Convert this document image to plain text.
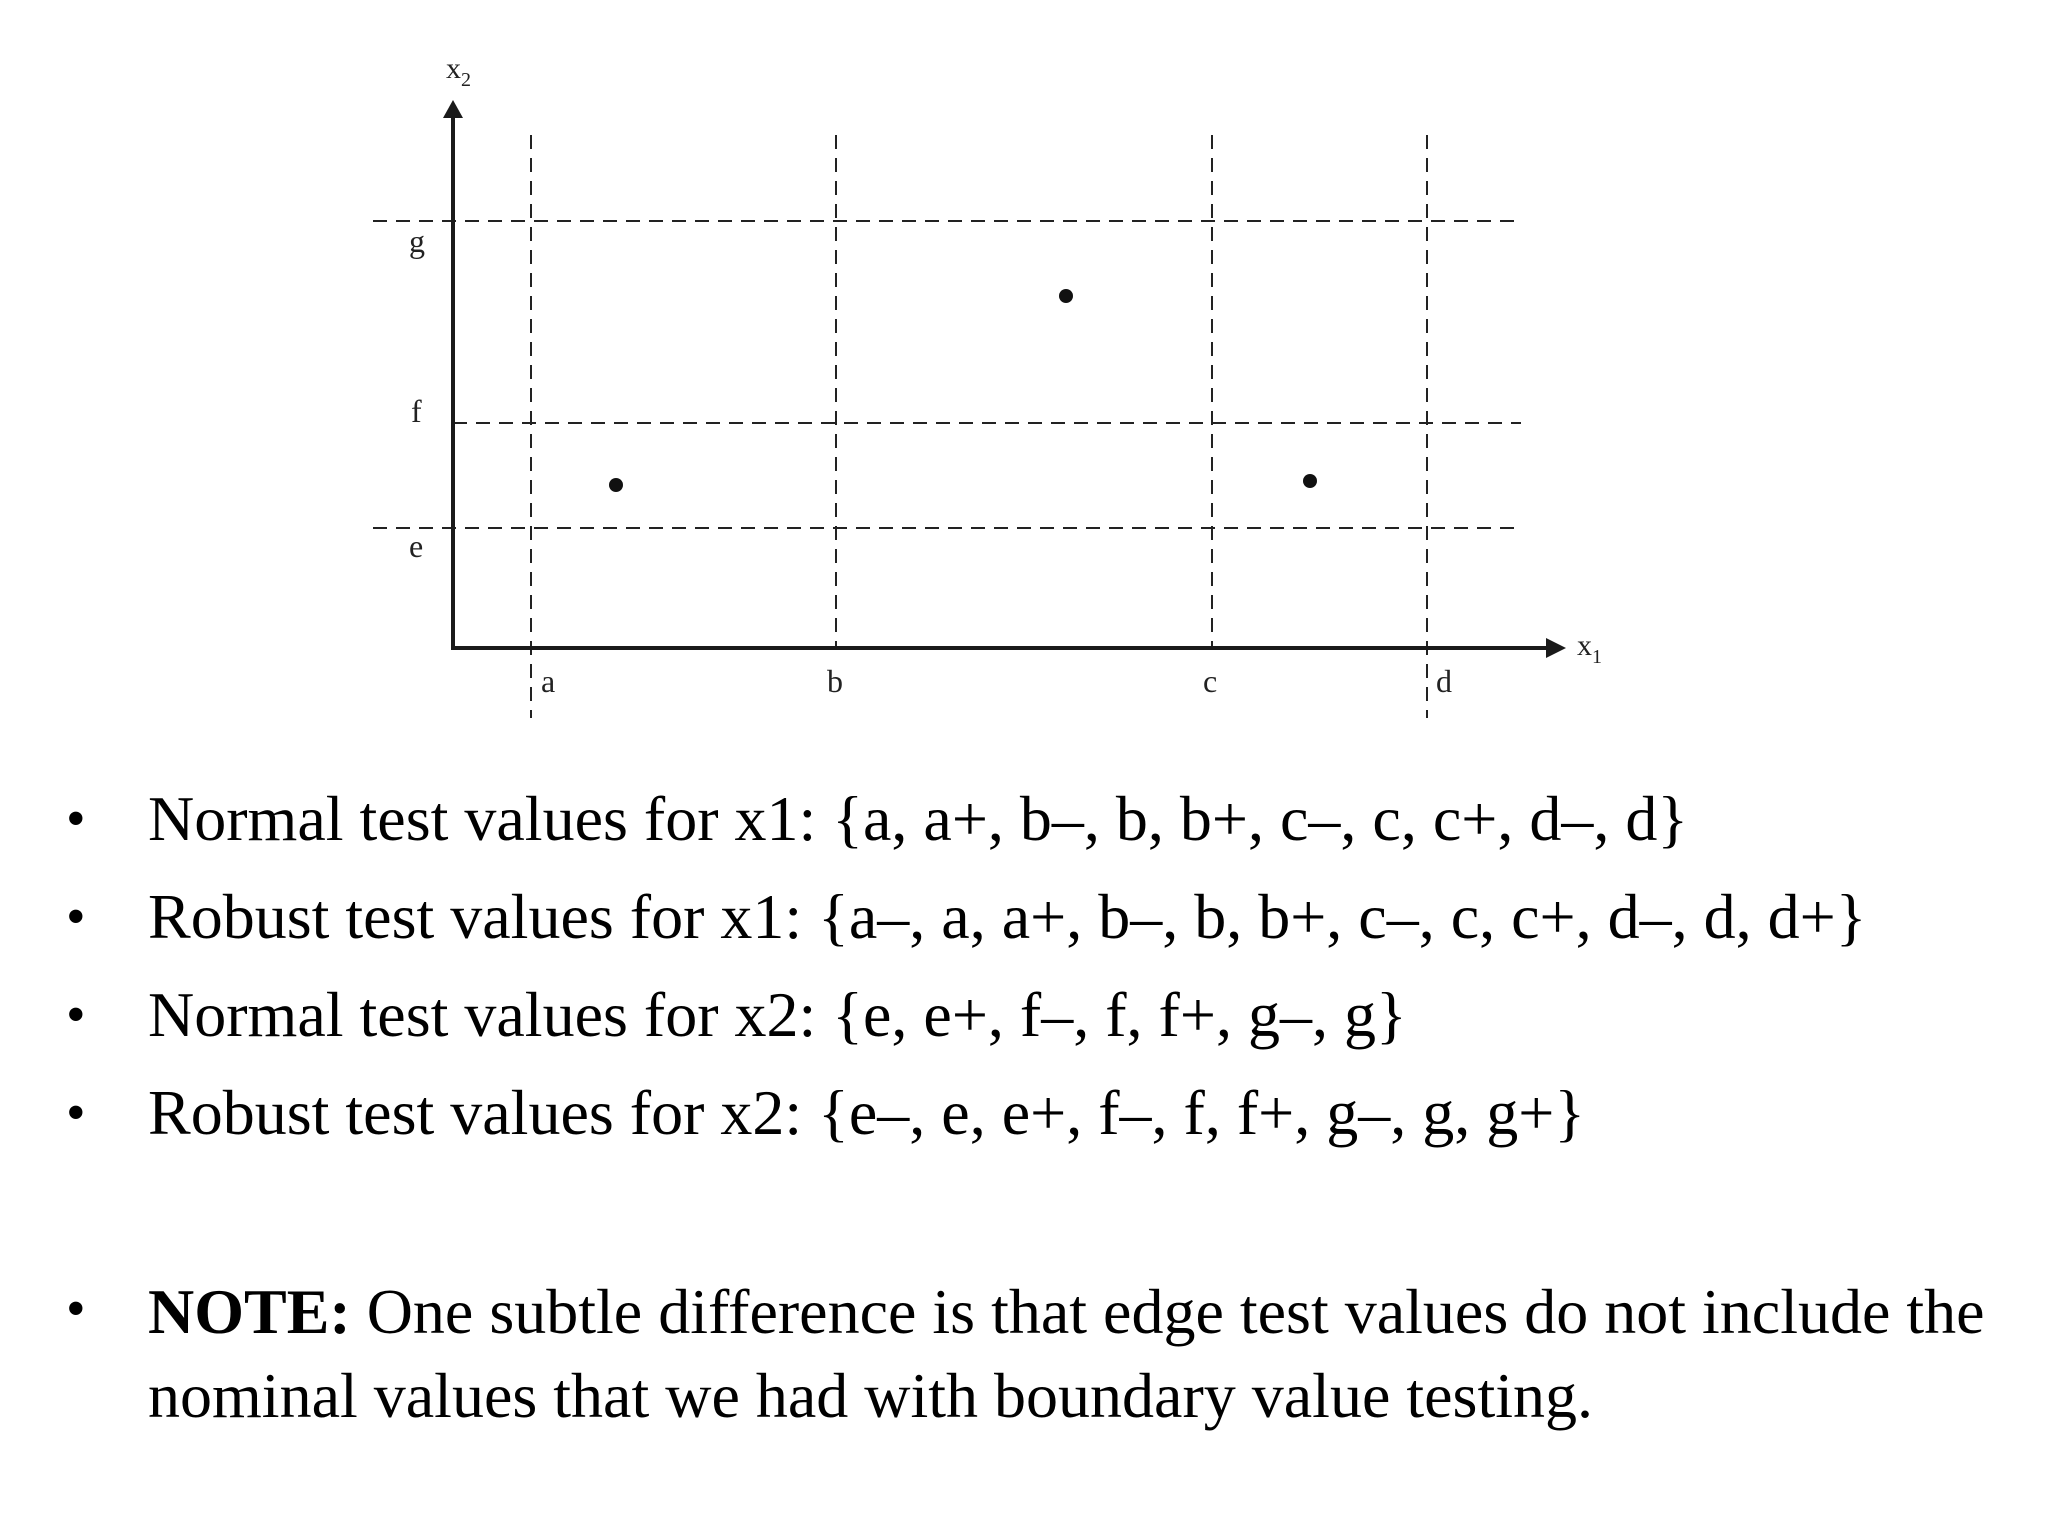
$x_2$
$x_1$
a	b	c	d
g
f
e
• Normal test values for x1: {a, a+, b–, b, b+, c–, c, c+, d–, d}
• Robust test values for x1: {a–, a, a+, b–, b, b+, c–, c, c+, d–, d, d+}
• Normal test values for x2: {e, e+, f–, f, f+, g–, g}
• Robust test values for x2: {e–, e, e+, f–, f, f+, g–, g, g+}
• NOTE: One subtle difference is that edge test values do not include the nominal values that we had with boundary value testing.
